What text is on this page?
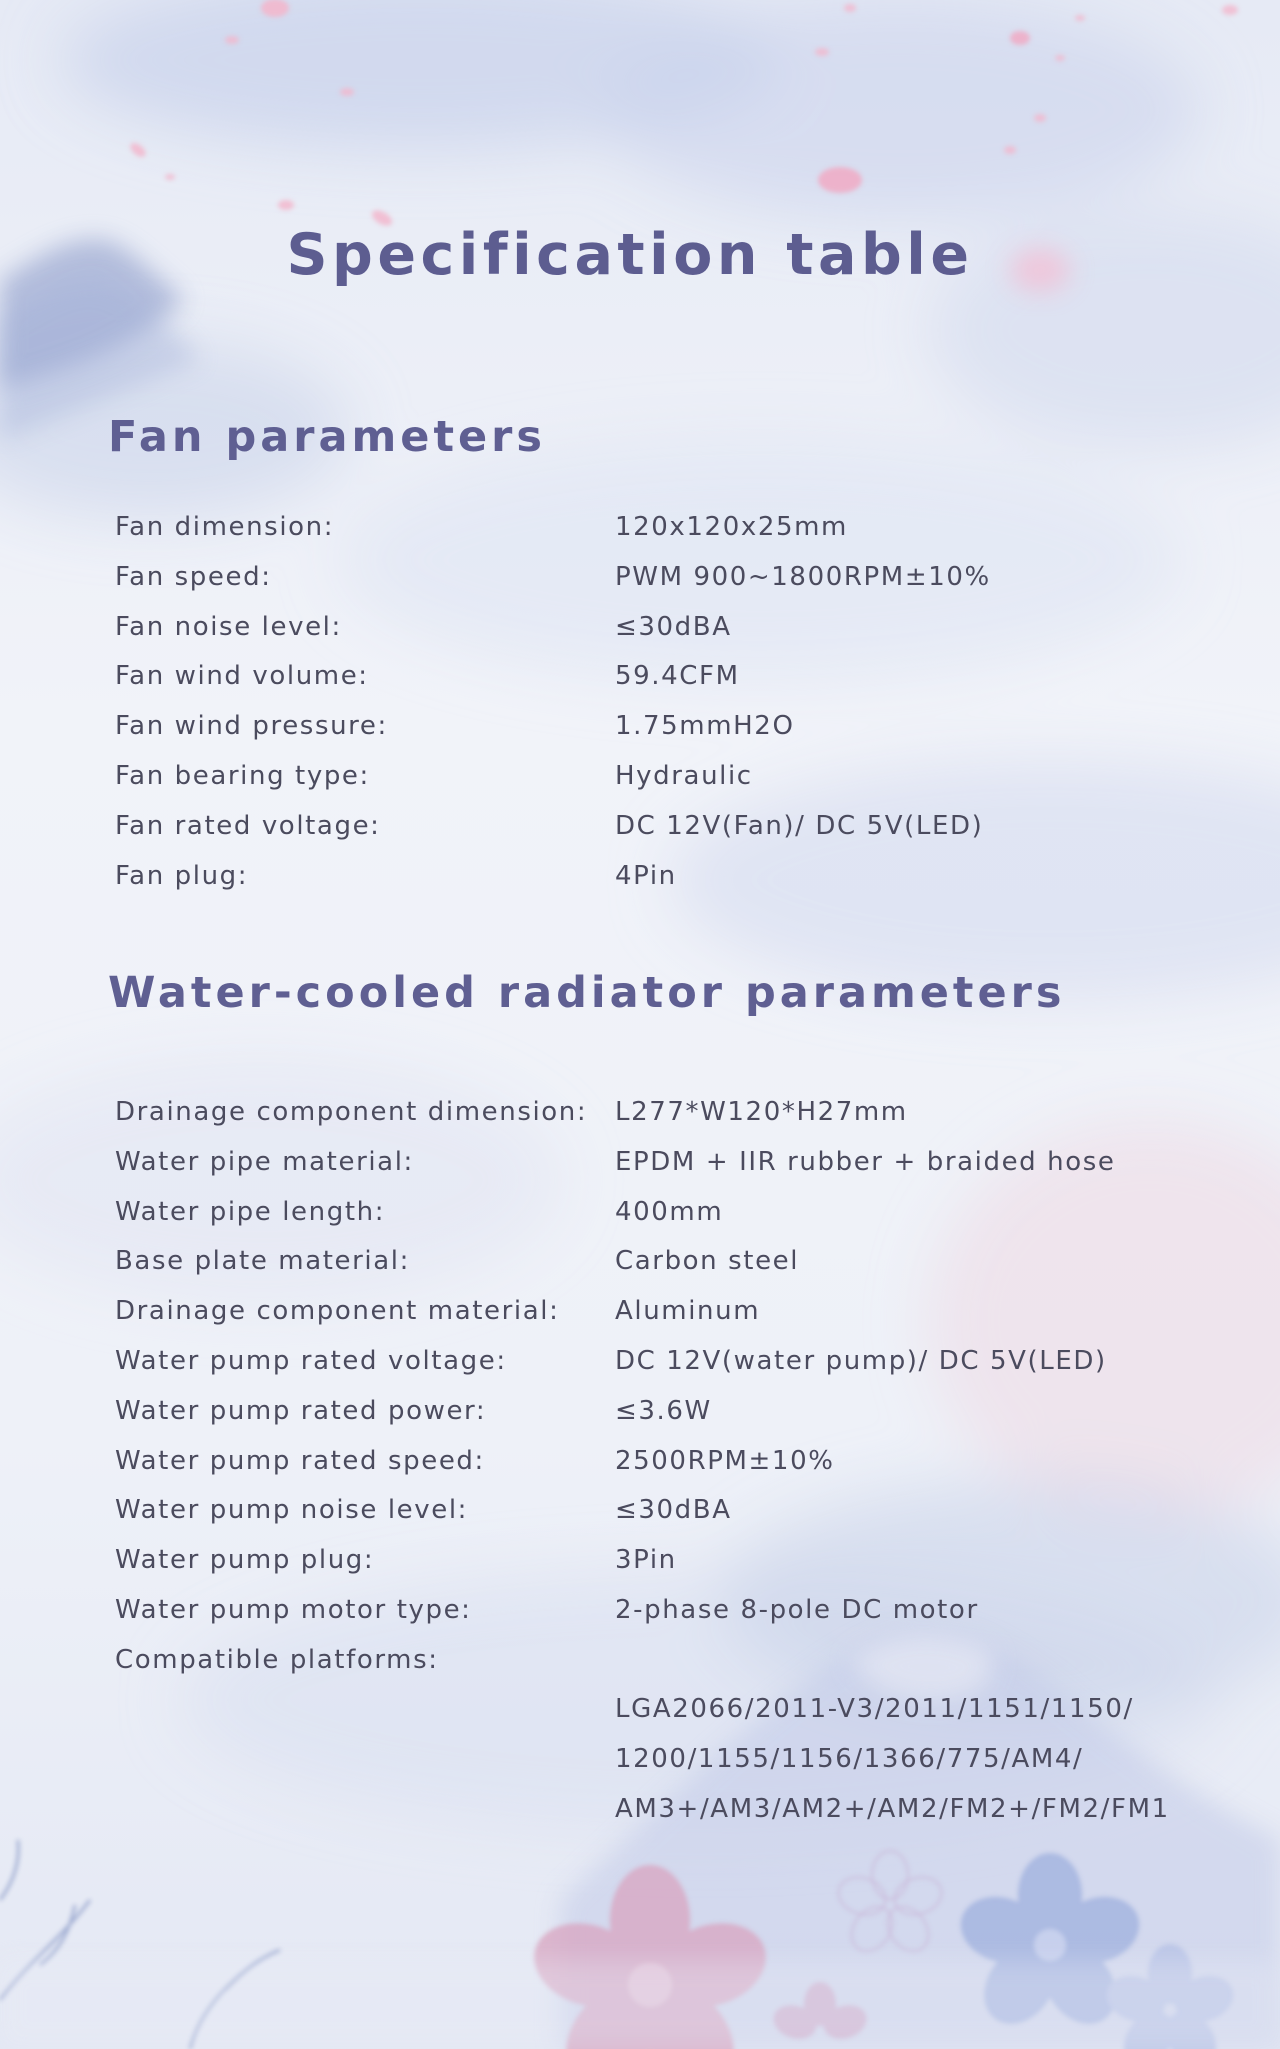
Specification table
Fan parameters
Fan dimension:	120x120x25mm
Fan speed:	PWM 900~1800RPM±10%
Fan noise level:	≤30dBA
Fan wind volume:	59.4CFM
Fan wind pressure:	1.75mmH2O
Fan bearing type:	Hydraulic
Fan rated voltage:	DC 12V(Fan)/ DC 5V(LED)
Fan plug:	4Pin
Water-cooled radiator parameters
Drainage component dimension: L277*W120*H27mm
Water pipe material:	EPDM + IIR rubber + braided hose
Water pipe length:	400mm
Base plate material:	Carbon steel
Drainage component material: Aluminum
Water pump rated voltage:	DC 12V(water pump)/ DC 5V(LED)
Water pump rated power:	≤3.6W
Water pump rated speed:	2500RPM±10%
Water pump noise level:	≤30dBA
Water pump plug:	3Pin
Water pump motor type:	2-phase 8-pole DC motor
Compatible platforms:
LGA2066/2011-V3/2011/1151/1150/
1200/1155/1156/1366/775/AM4/
AM3+/AM3/AM2+/AM2/FM2+/FM2/FM1
